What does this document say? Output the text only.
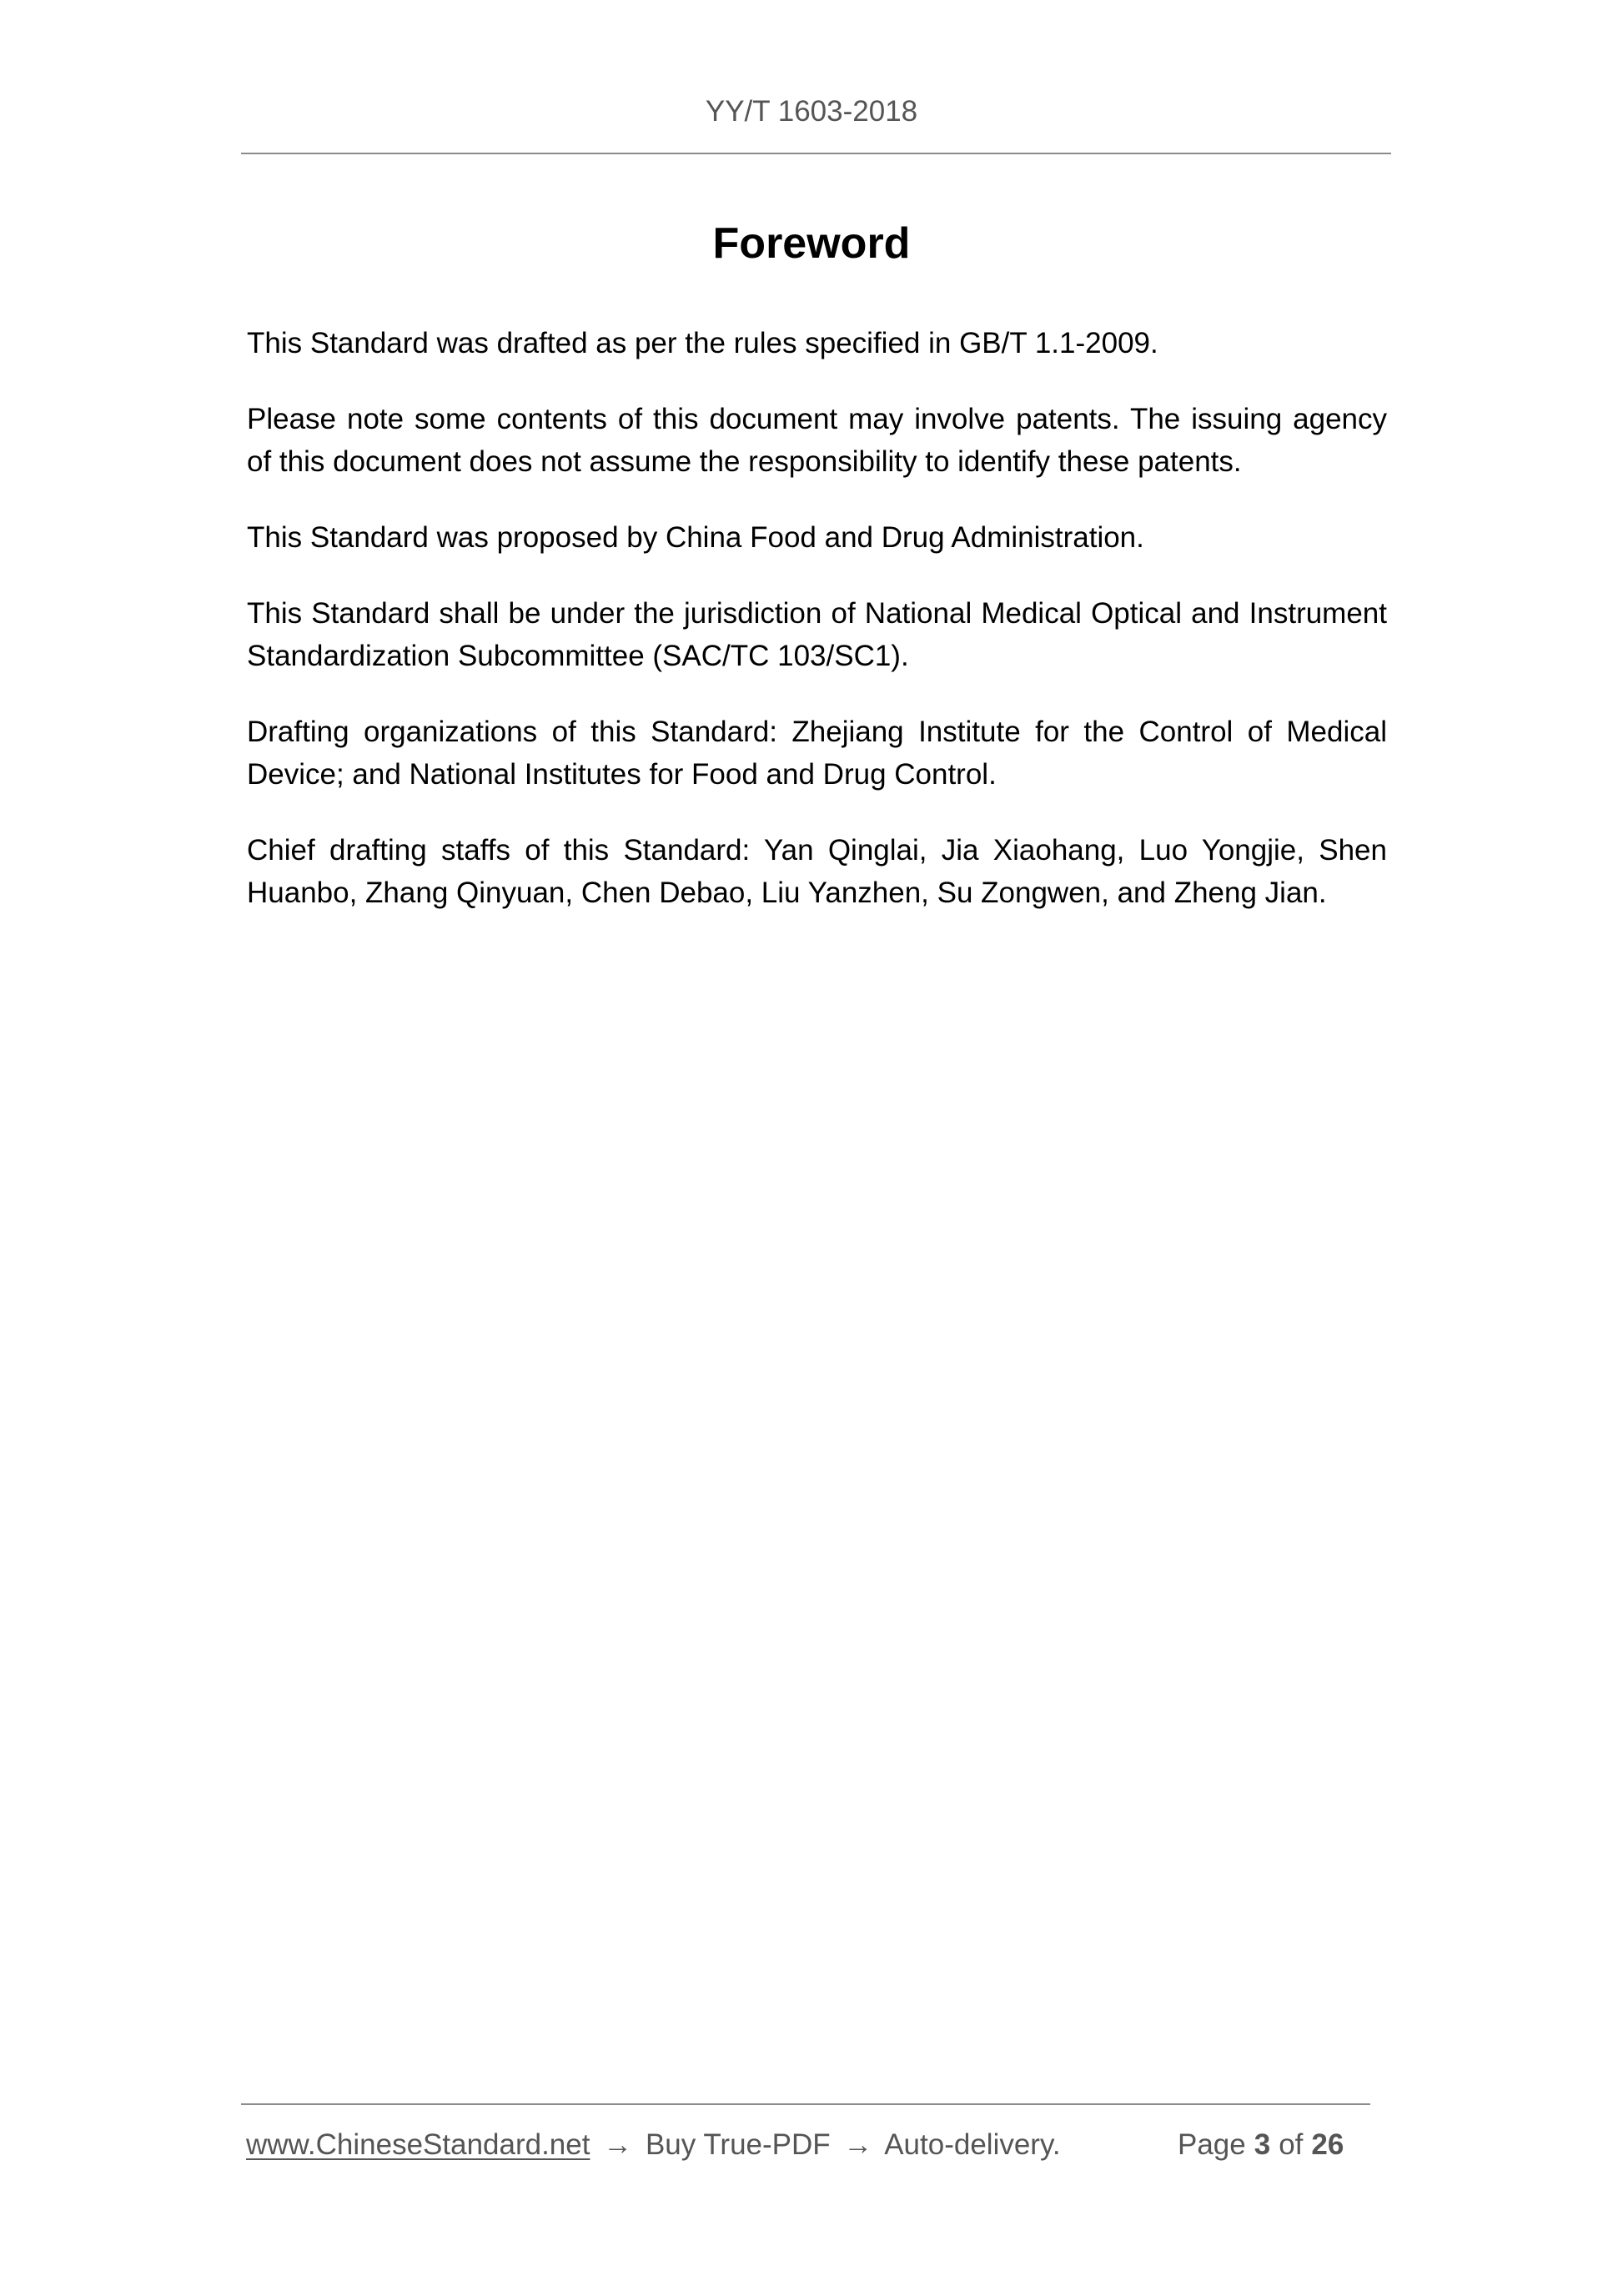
YY/T 1603-2018
Foreword

This Standard was drafted as per the rules specified in GB/T 1.1-2009.

Please note some contents of this document may involve patents. The issuing agency of this document does not assume the responsibility to identify these patents.

This Standard was proposed by China Food and Drug Administration.

This Standard shall be under the jurisdiction of National Medical Optical and Instrument Standardization Subcommittee (SAC/TC 103/SC1).

Drafting organizations of this Standard: Zhejiang Institute for the Control of Medical Device; and National Institutes for Food and Drug Control.

Chief drafting staffs of this Standard: Yan Qinglai, Jia Xiaohang, Luo Yongjie, Shen Huanbo, Zhang Qinyuan, Chen Debao, Liu Yanzhen, Su Zongwen, and Zheng Jian.

www.ChineseStandard.net → Buy True-PDF → Auto-delivery.	Page 3 of 26
